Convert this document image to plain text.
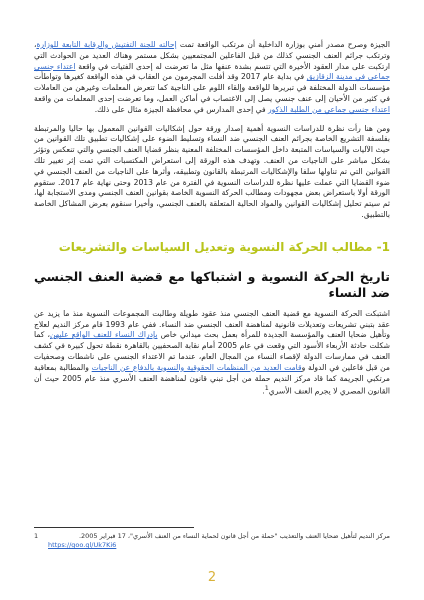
الجيزة وصرح مصدر أمني بوزارة الداخلية أن مرتكب الواقعة تمت إحالته للجنة التفتيش والرقابة التابعة للوزارة، وترتكب جرائم العنف الجنسي كذلك من قبل الفاعلين المجتمعيين بشكل مستمر وهناك العديد من الحوادث التي ارتكبت على مدار العقود الأخيرة التي تتسم بشدة عنفها مثل ما تعرضت له إحدى الفتيات في واقعة اعتداء جنسي جماعي في مدينة الزقازيق في بداية عام 2017 وقد أفلت المجرمون من العقاب في هذه الواقعة كغيرها وتواطأت مؤسسات الدولة المختلفة في تبريرها للواقعة وإلقاء اللوم على الناجية كما تتعرض المعلمات وغيرهن من العاملات في كثير من الأحيان إلى عنف جنسي يصل إلى الاغتصاب في أماكن العمل، وما تعرضت إحدى المعلمات من واقعة اعتداء جنسي جماعي من الطلبة الذكور في إحدى المدارس في محافظة الجيزة مثال على ذلك.

ومن هنا رأت نظرة للدراسات النسوية أهمية إصدار ورقة حول إشكاليات القوانين المعمول بها حاليا والمرتبطة بفلسفة التشريع الخاصة بجرائم العنف الجنسي ضد النساء وتسليط الضوء على إشكاليات تطبيق تلك القوانين من حيث الآليات والسياسات المتبعة داخل المؤسسات المختلفة المعنية بنظر قضايا العنف الجنسي والتي تنعكس وتؤثر بشكل مباشر على الناجيات من العنف. وتهدف هذه الورقة إلى استعراض المكتسبات التي تمت إثر تغيير تلك القوانين التي تم تناولها سلفا والإشكاليات المرتبطة بالقانون وتطبيقه، وأثرها على الناجيات من العنف الجنسي في ضوء القضايا التي عملت عليها نظرة للدراسات النسوية في الفترة من عام 2013 وحتى نهاية عام 2017. ستقوم الورقة أولا باستعراض بعض مجهودات ومطالب الحركة النسوية الخاصة بقوانين العنف الجنسي ومدى الاستجابة لها، ثم سيتم تحليل إشكاليات القوانين والمواد الحالية المتعلقة بالعنف الجنسي، وأخيرا سنقوم بعرض المشاكل الخاصة بالتطبيق.

1- مطالب الحركة النسوية وتعديل السياسات والتشريعات
تاريخ الحركة النسوية و اشتباكها مع قضية العنف الجنسي ضد النساء

اشتبكت الحركة النسوية مع قضية العنف الجنسي منذ عقود طويلة وطالبت المجموعات النسوية منذ ما يزيد عن عقد بتبني تشريعات وتعديلات قانونية لمناهضة العنف الجنسي ضد النساء. ففي عام 1993 قام مركز النديم لعلاج وتأهيل ضحايا العنف والمؤسسة الجديدة للمرأة بعمل بحث ميداني خاص بإدراك النساء للعنف الواقع عليهن، كما شكلت حادثة الأربعاء الأسود التي وقعت في عام 2005 أمام نقابة الصحفيين بالقاهرة نقطة تحول كبيرة في كشف العنف في ممارسات الدولة لإقصاء النساء من المجال العام، عندما تم الاعتداء الجنسي على ناشطات وصحفيات من قبل فاعلين في الدولة وقامت العديد من المنظمات الحقوقية والنسوية بالدفاع عن الناجيات والمطالبة بمعاقبة مرتكبي الجريمة كما قاد مركز النديم حملة من أجل تبني قانون لمناهضة العنف الأسري منذ عام 2005 حيث أن القانون المصري لا يجرم العنف الأسري$^1$.

1	مركز النديم لتأهيل ضحايا العنف والتعذيب "حملة من أجل قانون لحماية النساء من العنف الأسري"، 17 فبراير 2005.
https://goo.gl/Uk7Ki6
2
